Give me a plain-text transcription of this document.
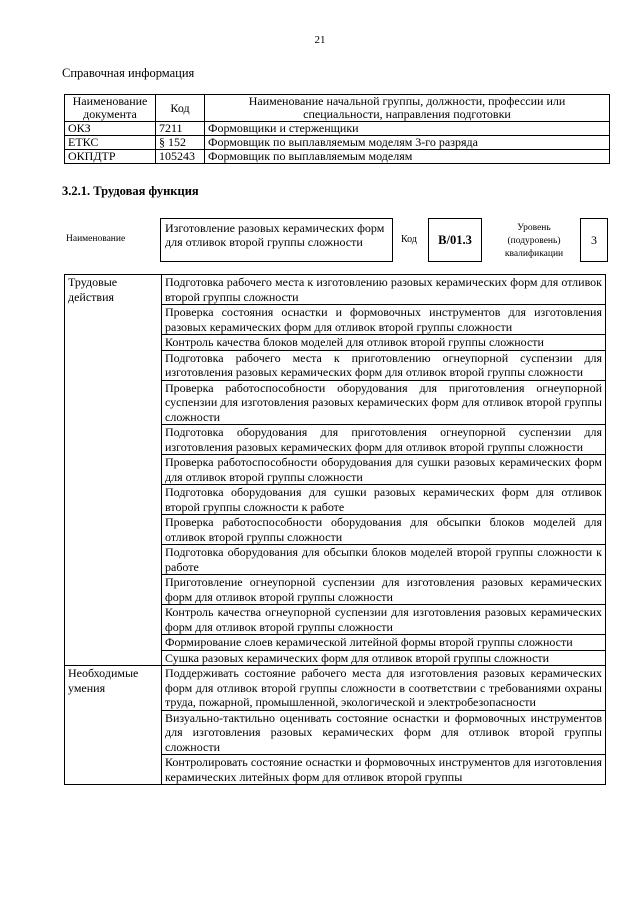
21
Справочная информация
Наименование документа	Код	Наименование начальной группы, должности, профессии или специальности, направления подготовки
ОКЗ	7211	Формовщики и стерженщики
ЕТКС	§ 152	Формовщик по выплавляемым моделям 3-го разряда
ОКПДТР	105243	Формовщик по выплавляемым моделям
3.2.1. Трудовая функция
Наименование
Изготовление разовых керамических форм для отливок второй группы сложности	Код	B/01.3
Уровень (подуровень) квалификации
3
Трудовые действия	Подготовка рабочего места к изготовлению разовых керамических форм для отливок второй группы сложности
	Проверка состояния оснастки и формовочных инструментов для изготовления разовых керамических форм для отливок второй группы сложности
	Контроль качества блоков моделей для отливок второй группы сложности
	Подготовка рабочего места к приготовлению огнеупорной суспензии для изготовления разовых керамических форм для отливок второй группы сложности
	Проверка работоспособности оборудования для приготовления огнеупорной суспензии для изготовления разовых керамических форм для отливок второй группы сложности
	Подготовка оборудования для приготовления огнеупорной суспензии для изготовления разовых керамических форм для отливок второй группы сложности
	Проверка работоспособности оборудования для сушки разовых керамических форм для отливок второй группы сложности
	Подготовка оборудования для сушки разовых керамических форм для отливок второй группы сложности к работе
	Проверка работоспособности оборудования для обсыпки блоков моделей для отливок второй группы сложности
	Подготовка оборудования для обсыпки блоков моделей второй группы сложности к работе
	Приготовление огнеупорной суспензии для изготовления разовых керамических форм для отливок второй группы сложности
	Контроль качества огнеупорной суспензии для изготовления разовых керамических форм для отливок второй группы сложности
	Формирование слоев керамической литейной формы второй группы сложности
	Сушка разовых керамических форм для отливок второй группы сложности
Необходимые умения	Поддерживать состояние рабочего места для изготовления разовых керамических форм для отливок второй группы сложности в соответствии с требованиями охраны труда, пожарной, промышленной, экологической и электробезопасности
	Визуально-тактильно оценивать состояние оснастки и формовочных инструментов для изготовления разовых керамических форм для отливок второй группы сложности
	Контролировать состояние оснастки и формовочных инструментов для изготовления керамических литейных форм для отливок второй группы
